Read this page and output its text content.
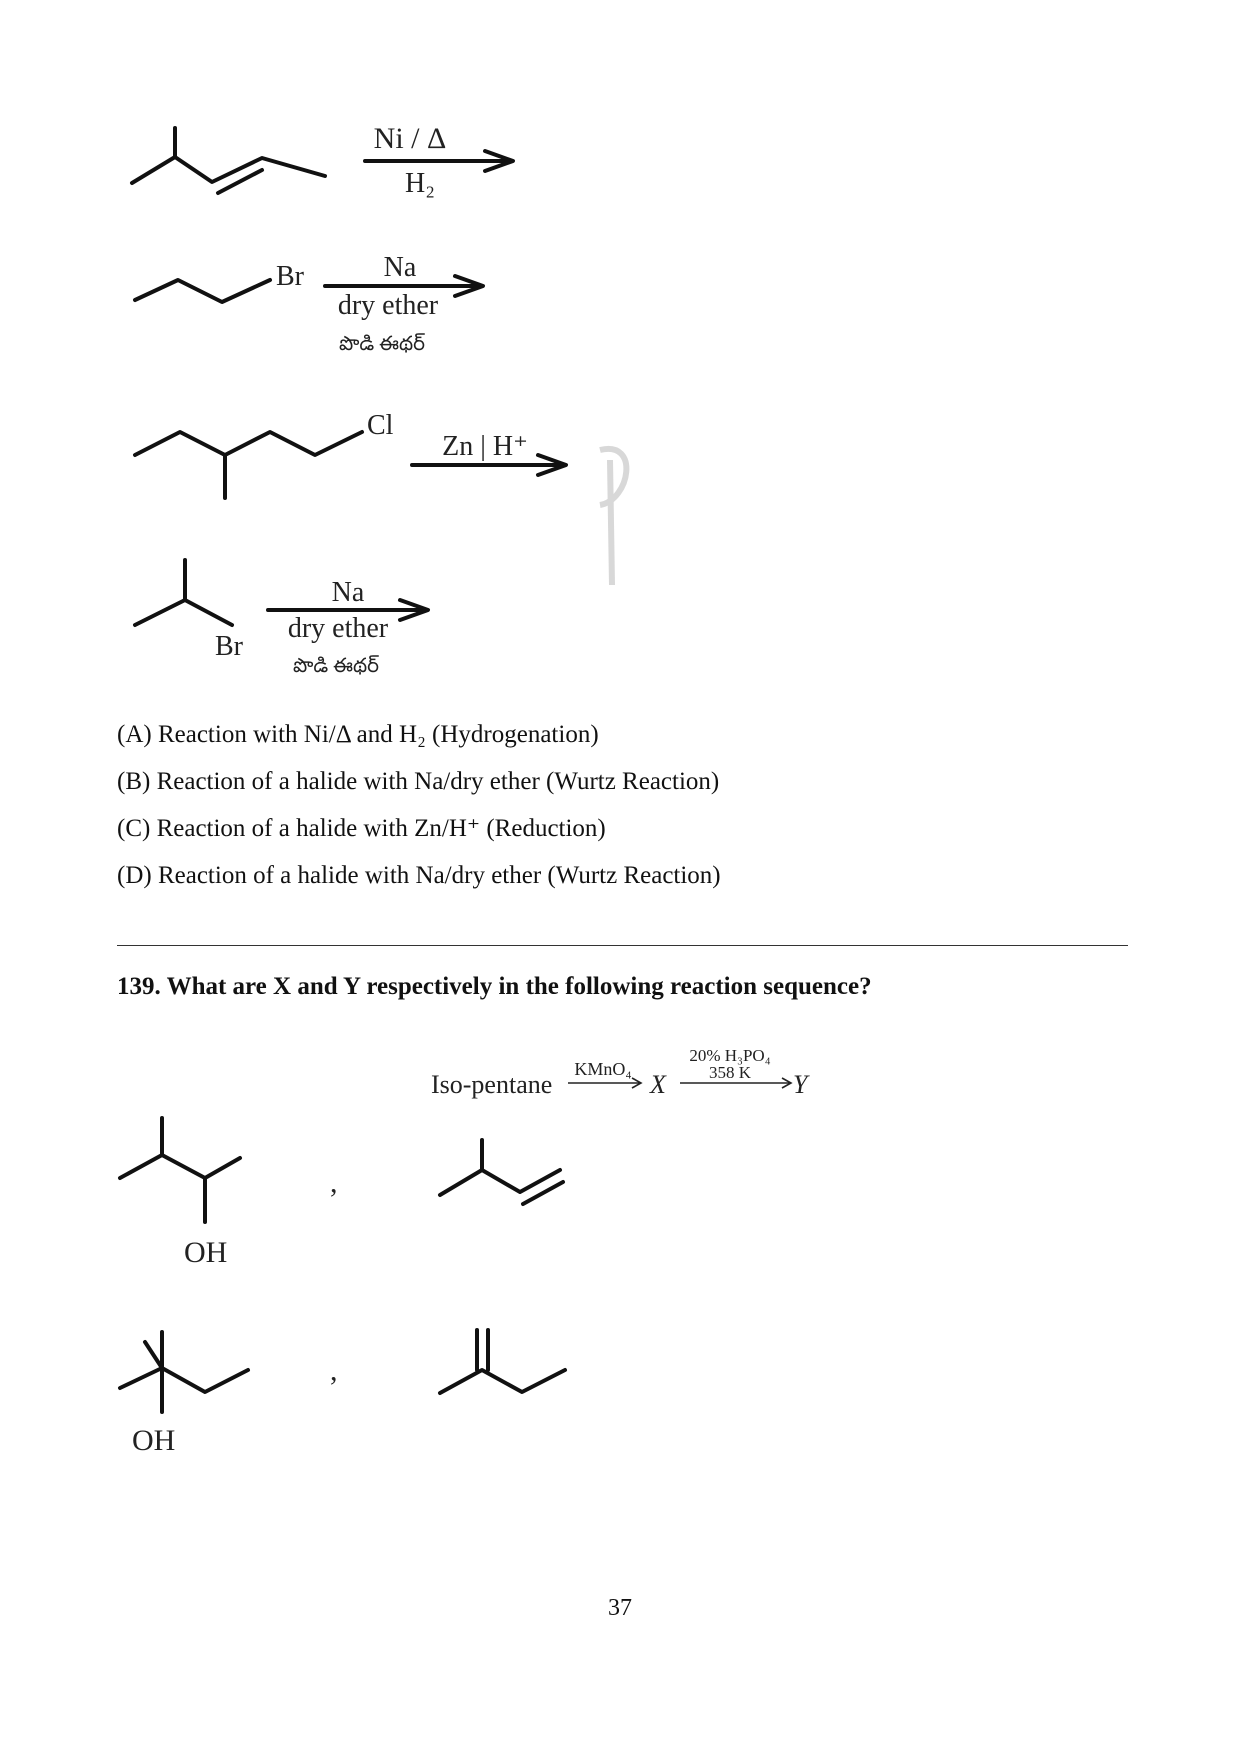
Ni / Δ
H₂
Br	Na
dry ether
పొడి ఈథర్
Cl
Zn | H⁺
Br
Na
dry ether
పొడి ఈథర్
(A) Reaction with Ni/Δ and H₂ (Hydrogenation)
(B) Reaction of a halide with Na/dry ether (Wurtz Reaction)
(C) Reaction of a halide with Zn/H⁺ (Reduction)
(D) Reaction of a halide with Na/dry ether (Wurtz Reaction)
139. What are X and Y respectively in the following reaction sequence?
Iso-pentane
KMnO₄
X
20% H₃PO₄
358 K Y
OH
,
OH
,
37
